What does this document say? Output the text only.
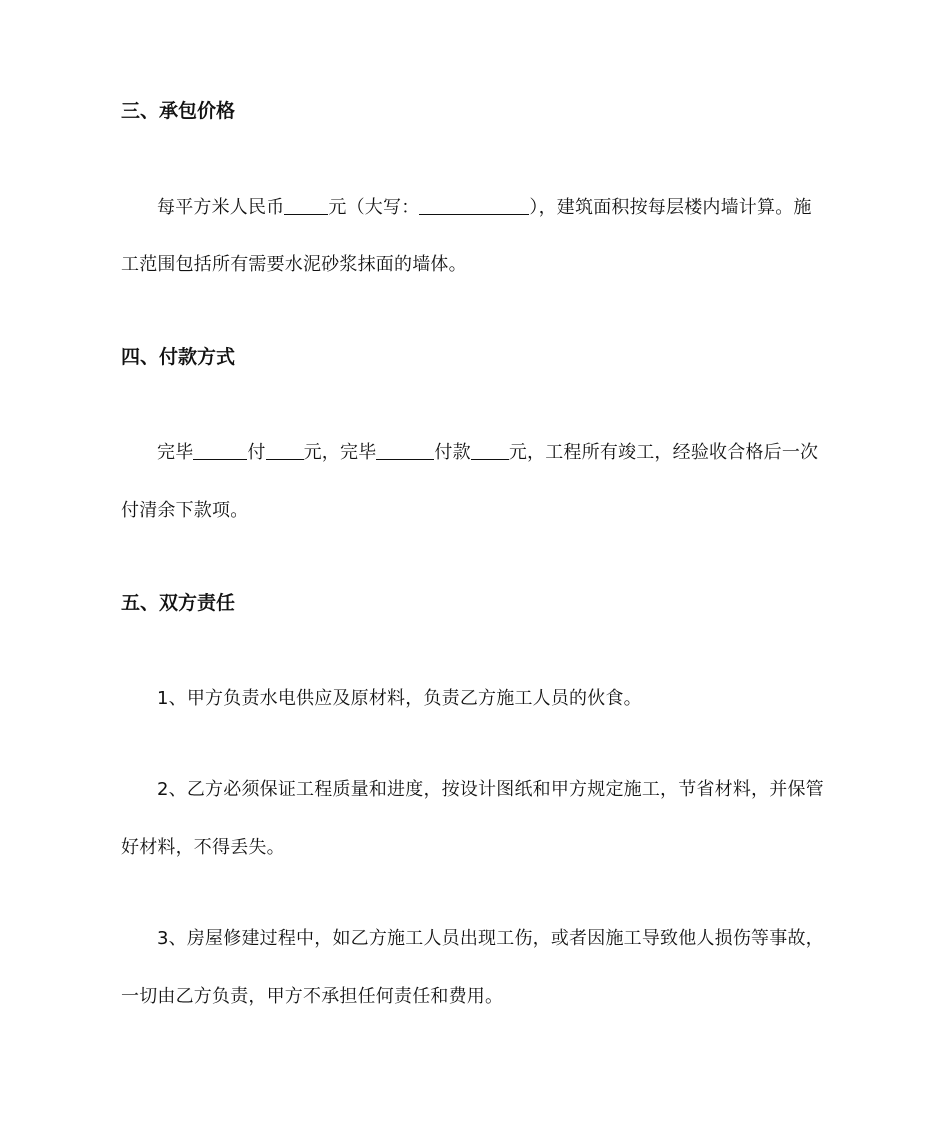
三、承包价格
每平方米人民币 元（大写：	），建筑面积按每层楼内墙计算。施
工范围包括所有需要水泥砂浆抹面的墙体。
四、付款方式
完毕	付 元，完毕	付款 元，工程所有竣工，经验收合格后一次
付清余下款项。
五、双方责任
1、甲方负责水电供应及原材料，负责乙方施工人员的伙食。
2、乙方必须保证工程质量和进度，按设计图纸和甲方规定施工，节省材料，并保管
好材料，不得丢失。
3、房屋修建过程中，如乙方施工人员出现工伤，或者因施工导致他人损伤等事故，
一切由乙方负责，甲方不承担任何责任和费用。
